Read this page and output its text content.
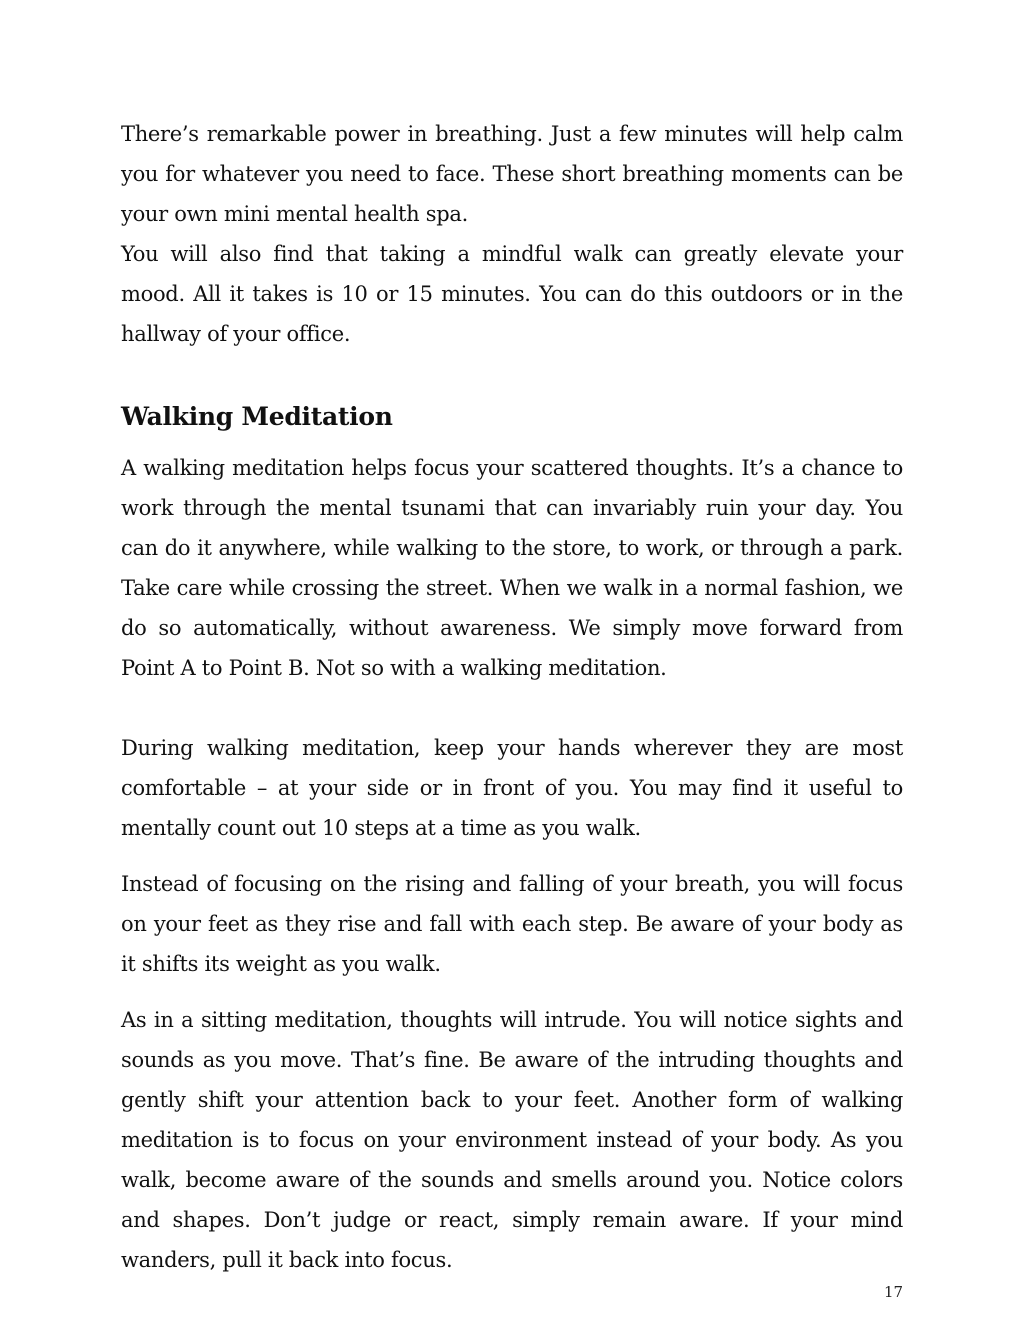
There’s remarkable power in breathing. Just a few minutes will help calm you for whatever you need to face. These short breathing moments can be your own mini mental health spa.

You will also find that taking a mindful walk can greatly elevate your mood. All it takes is 10 or 15 minutes. You can do this outdoors or in the hallway of your office.

Walking Meditation

A walking meditation helps focus your scattered thoughts. It’s a chance to work through the mental tsunami that can invariably ruin your day. You can do it anywhere, while walking to the store, to work, or through a park. Take care while crossing the street. When we walk in a normal fashion, we do so automatically, without awareness. We simply move forward from Point A to Point B. Not so with a walking meditation.

During walking meditation, keep your hands wherever they are most comfortable – at your side or in front of you. You may find it useful to mentally count out 10 steps at a time as you walk.

Instead of focusing on the rising and falling of your breath, you will focus on your feet as they rise and fall with each step. Be aware of your body as it shifts its weight as you walk.

As in a sitting meditation, thoughts will intrude. You will notice sights and sounds as you move. That’s fine. Be aware of the intruding thoughts and gently shift your attention back to your feet. Another form of walking meditation is to focus on your environment instead of your body. As you walk, become aware of the sounds and smells around you. Notice colors and shapes. Don’t judge or react, simply remain aware. If your mind wanders, pull it back into focus.

17
